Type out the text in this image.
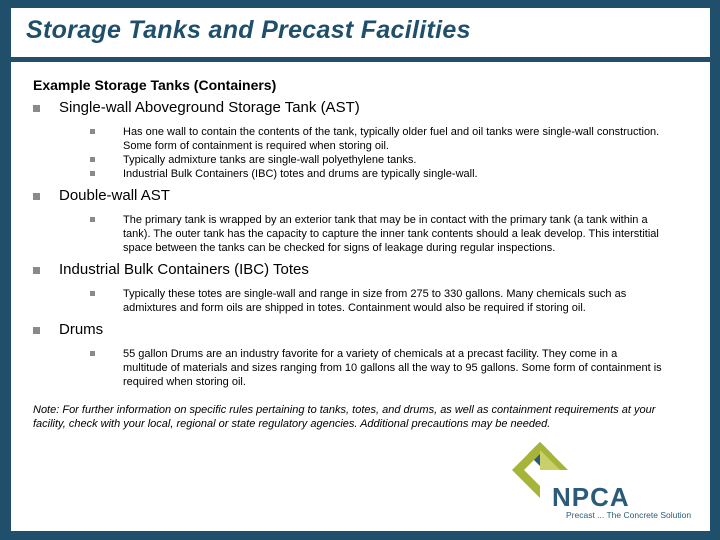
Storage Tanks and Precast Facilities

Example Storage Tanks (Containers)

Single-wall Aboveground Storage Tank (AST)
Has one wall to contain the contents of the tank, typically older fuel and oil tanks were single-wall construction. Some form of containment is required when storing oil.
Typically admixture tanks are single-wall polyethylene tanks.
Industrial Bulk Containers (IBC) totes and drums are typically single-wall.
Double-wall AST
The primary tank is wrapped by an exterior tank that may be in contact with the primary tank (a tank within a tank). The outer tank has the capacity to capture the inner tank contents should a leak develop. This interstitial space between the tanks can be checked for signs of leakage during regular inspections.
Industrial Bulk Containers (IBC) Totes
Typically these totes are single-wall and range in size from 275 to 330 gallons. Many chemicals such as admixtures and form oils are shipped in totes. Containment would also be required if storing oil.
Drums
55 gallon Drums are an industry favorite for a variety of chemicals at a precast facility. They come in a multitude of materials and sizes ranging from 10 gallons all the way to 95 gallons. Some form of containment is required when storing oil.
Note: For further information on specific rules pertaining to tanks, totes, and drums, as well as containment requirements at your facility, check with your local, regional or state regulatory agencies. Additional precautions may be needed.
NPCA
Precast ... The Concrete Solution
